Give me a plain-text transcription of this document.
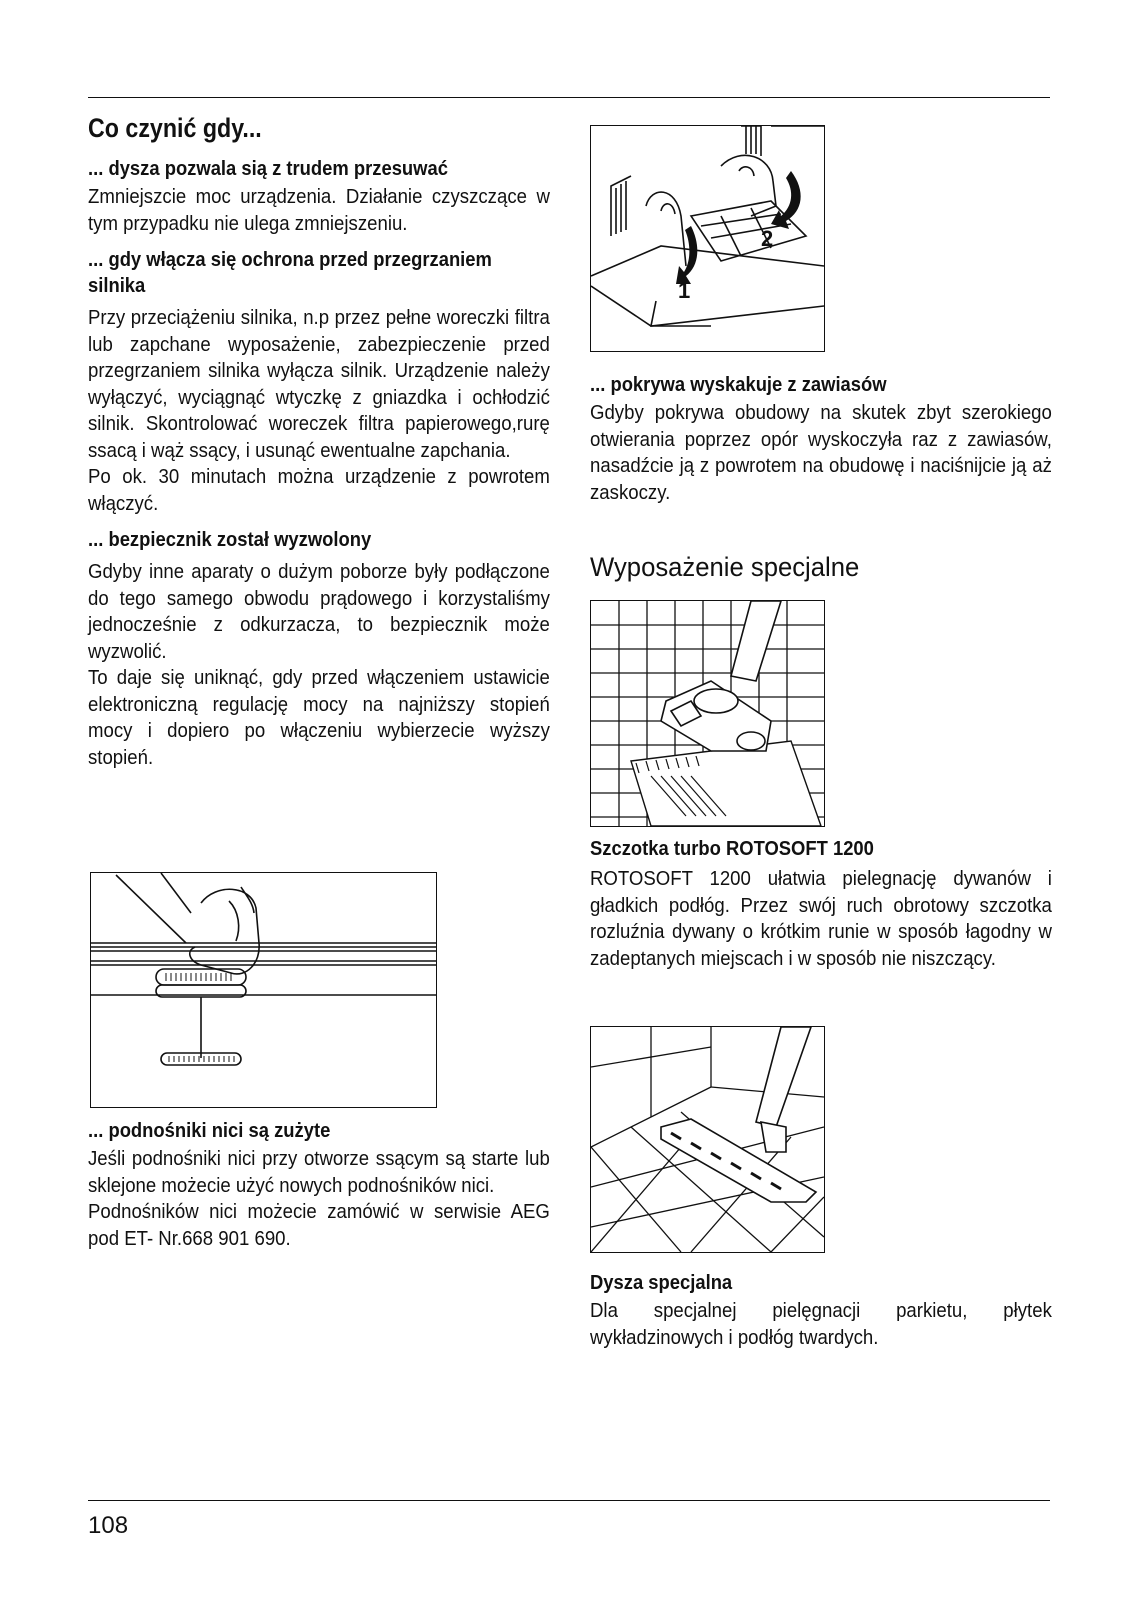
Co czynić gdy...
... dysza pozwala sią z trudem przesuwać

Zmniejszcie moc urządzenia. Działanie czyszczące w tym przypadku nie ulega zmniejszeniu.

... gdy włącza się ochrona przed przegrzaniem silnika

Przy przeciążeniu silnika, n.p przez pełne woreczki filtra lub zapchane wyposażenie, zabezpieczenie przed przegrzaniem silnika wyłącza silnik. Urządzenie należy wyłączyć, wyciągnąć wtyczkę z gniazdka i ochłodzić silnik. Skontrolować woreczek filtra papierowego,rurę ssacą i wąż ssący, i usunąć ewentualne zapchania.

Po ok. 30 minutach można urządzenie z powrotem włączyć.

... bezpiecznik został wyzwolony

Gdyby inne aparaty o dużym poborze były podłączone do tego samego obwodu prądowego i korzystaliśmy jednocześnie z odkurzacza, to bezpiecznik może wyzwolić.

To daje się uniknąć, gdy przed włączeniem ustawicie elektroniczną regulację mocy na najniższy stopień mocy i dopiero po włączeniu wybierzecie wyższy stopień.

... podnośniki nici są zużyte

Jeśli podnośniki nici przy otworze ssącym są starte lub sklejone możecie użyć nowych podnośników nici.

Podnośników nici możecie zamówić w serwisie AEG pod ET- Nr.668 901 690.

1
2
... pokrywa wyskakuje z zawiasów

Gdyby pokrywa obudowy na skutek zbyt szerokiego otwierania poprzez opór wyskoczyła raz z zawiasów, nasadźcie ją z powrotem na obudowę i naciśnijcie ją aż zaskoczy.

Wyposażenie specjalne
Szczotka turbo ROTOSOFT 1200

ROTOSOFT 1200 ułatwia pielegnację dywanów i gładkich podłóg. Przez swój ruch obrotowy szczotka rozluźnia dywany o krótkim runie w sposób łagodny w zadeptanych miejscach i w sposób nie niszczący.

Dysza specjalna

Dla specjalnej pielęgnacji parkietu, płytek wykładzinowych i podłóg twardych.

108
